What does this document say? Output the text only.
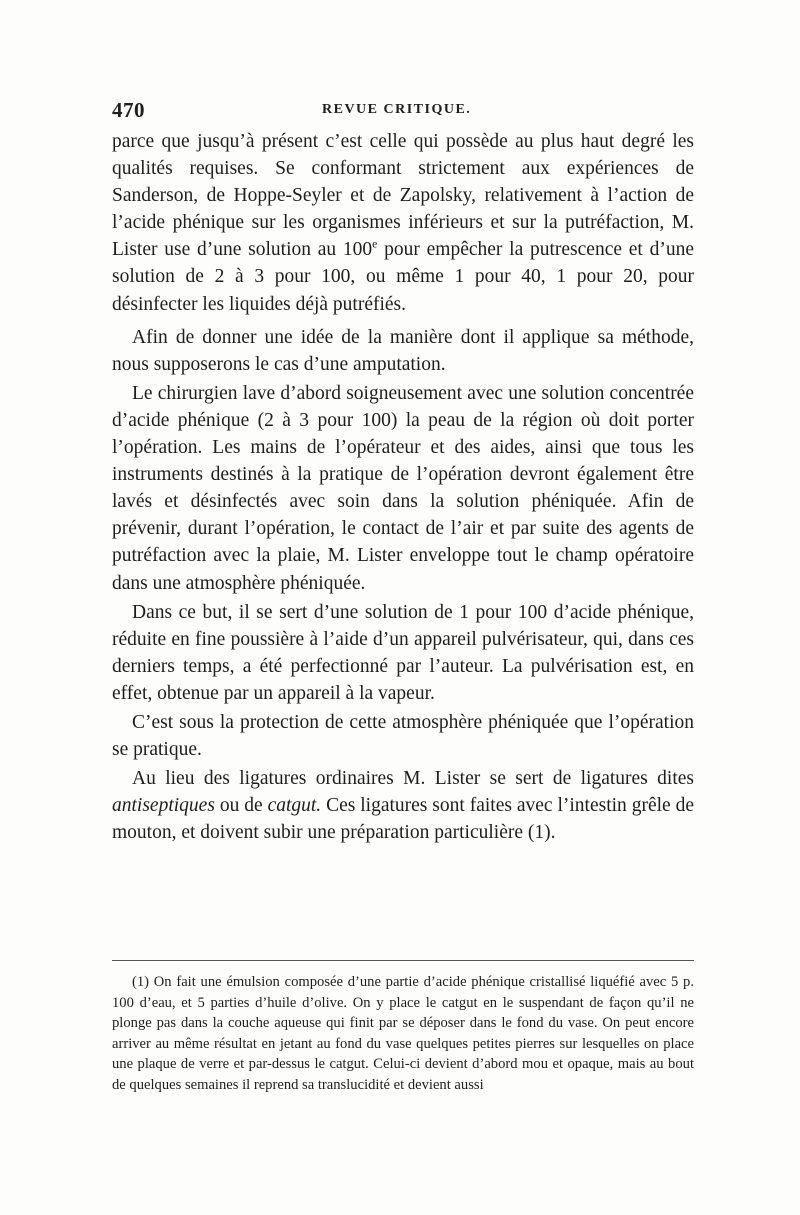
470	REVUE CRITIQUE.

parce que jusqu’à présent c’est celle qui possède au plus haut degré les qualités requises. Se conformant strictement aux expériences de Sanderson, de Hoppe-Seyler et de Zapolsky, relativement à l’action de l’acide phénique sur les organismes inférieurs et sur la putréfaction, M. Lister use d’une solution au 100e pour empêcher la putrescence et d’une solution de 2 à 3 pour 100, ou même 1 pour 40, 1 pour 20, pour désinfecter les liquides déjà putréfiés.

Afin de donner une idée de la manière dont il applique sa méthode, nous supposerons le cas d’une amputation.

Le chirurgien lave d’abord soigneusement avec une solution concentrée d’acide phénique (2 à 3 pour 100) la peau de la région où doit porter l’opération. Les mains de l’opérateur et des aides, ainsi que tous les instruments destinés à la pratique de l’opération devront également être lavés et désinfectés avec soin dans la solution phéniquée. Afin de prévenir, durant l’opération, le contact de l’air et par suite des agents de putréfaction avec la plaie, M. Lister enveloppe tout le champ opératoire dans une atmosphère phéniquée.

Dans ce but, il se sert d’une solution de 1 pour 100 d’acide phénique, réduite en fine poussière à l’aide d’un appareil pulvérisateur, qui, dans ces derniers temps, a été perfectionné par l’auteur. La pulvérisation est, en effet, obtenue par un appareil à la vapeur.

C’est sous la protection de cette atmosphère phéniquée que l’opération se pratique.

Au lieu des ligatures ordinaires M. Lister se sert de ligatures dites antiseptiques ou de catgut. Ces ligatures sont faites avec l’intestin grêle de mouton, et doivent subir une préparation particulière (1).

(1) On fait une émulsion composée d’une partie d’acide phénique cristallisé liquéfié avec 5 p. 100 d’eau, et 5 parties d’huile d’olive. On y place le catgut en le suspendant de façon qu’il ne plonge pas dans la couche aqueuse qui finit par se déposer dans le fond du vase. On peut encore arriver au même résultat en jetant au fond du vase quelques petites pierres sur lesquelles on place une plaque de verre et par-dessus le catgut. Celui-ci devient d’abord mou et opaque, mais au bout de quelques semaines il reprend sa translucidité et devient aussi
